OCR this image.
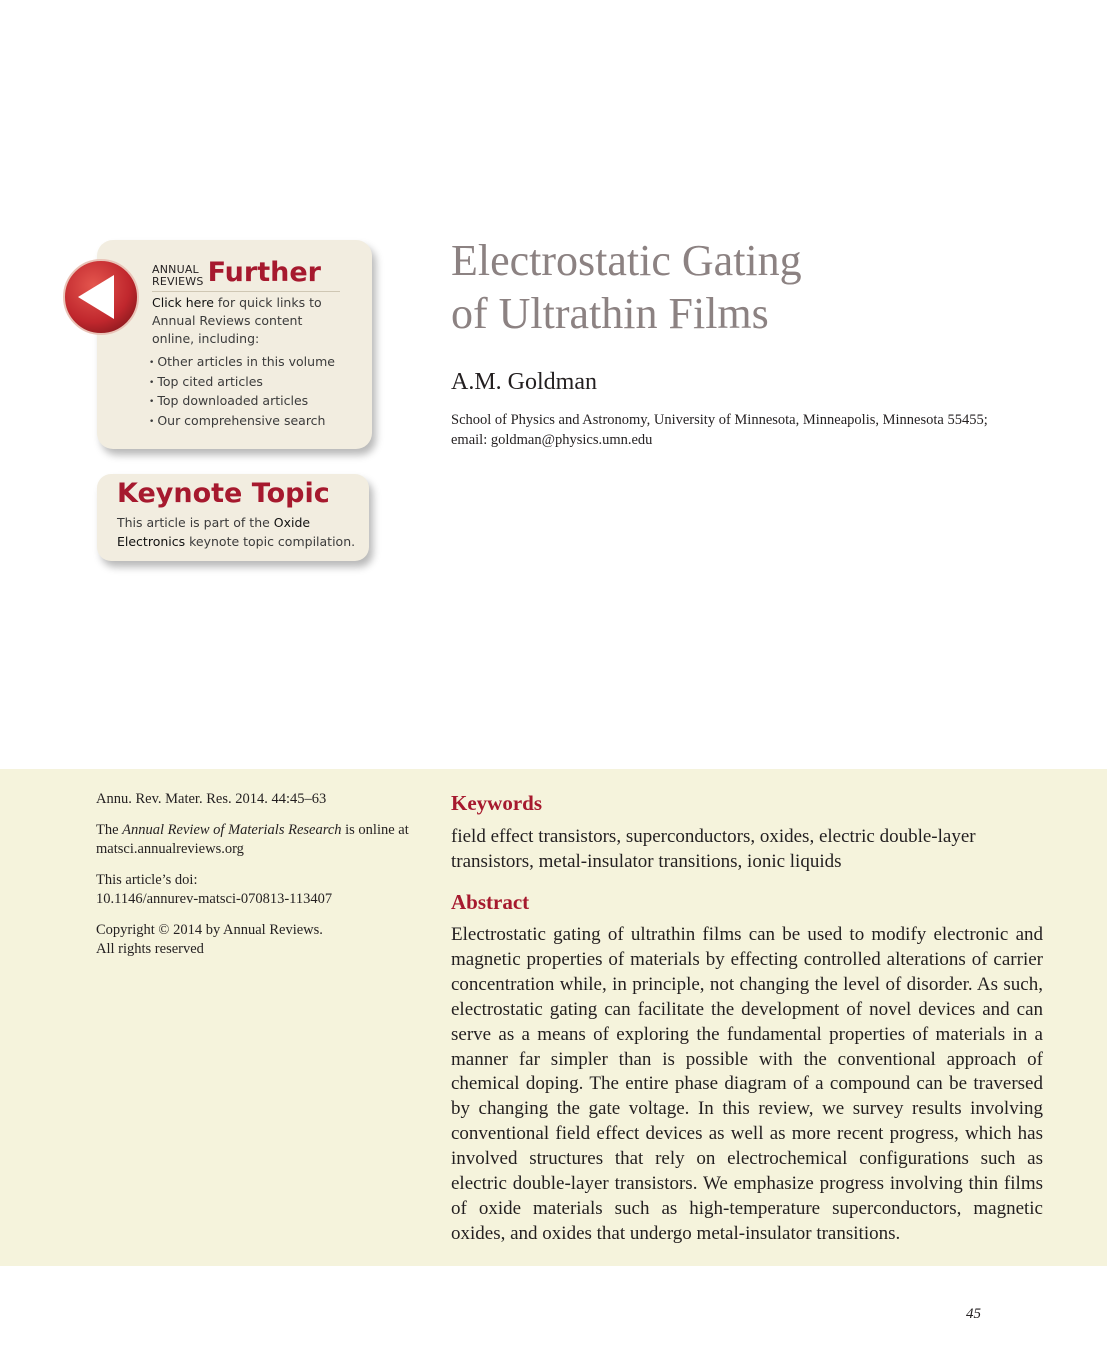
ANNUAL
REVIEWS Further
Click here for quick links to Annual Reviews content online, including:
• Other articles in this volume
• Top cited articles
• Top downloaded articles
• Our comprehensive search
Keynote Topic
This article is part of the Oxide Electronics keynote topic compilation.
Electrostatic Gating
of Ultrathin Films
A.M. Goldman
School of Physics and Astronomy, University of Minnesota, Minneapolis, Minnesota 55455;
email: goldman@physics.umn.edu

Annu. Rev. Mater. Res. 2014. 44:45–63

The Annual Review of Materials Research is online at matsci.annualreviews.org

This article’s doi:
10.1146/annurev-matsci-070813-113407

Copyright © 2014 by Annual Reviews.
All rights reserved

Keywords
field effect transistors, superconductors, oxides, electric double-layer transistors, metal-insulator transitions, ionic liquids
Abstract
Electrostatic gating of ultrathin films can be used to modify electronic and magnetic properties of materials by effecting controlled alterations of carrier concentration while, in principle, not changing the level of disorder. As such, electrostatic gating can facilitate the development of novel devices and can serve as a means of exploring the fundamental properties of materials in a manner far simpler than is possible with the conventional approach of chemical doping. The entire phase diagram of a compound can be traversed by changing the gate voltage. In this review, we survey results involving conventional field effect devices as well as more recent progress, which has involved structures that rely on electrochemical configurations such as electric double-layer transistors. We emphasize progress involving thin films of oxide materials such as high-temperature superconductors, magnetic oxides, and oxides that undergo metal-insulator transitions.
45
